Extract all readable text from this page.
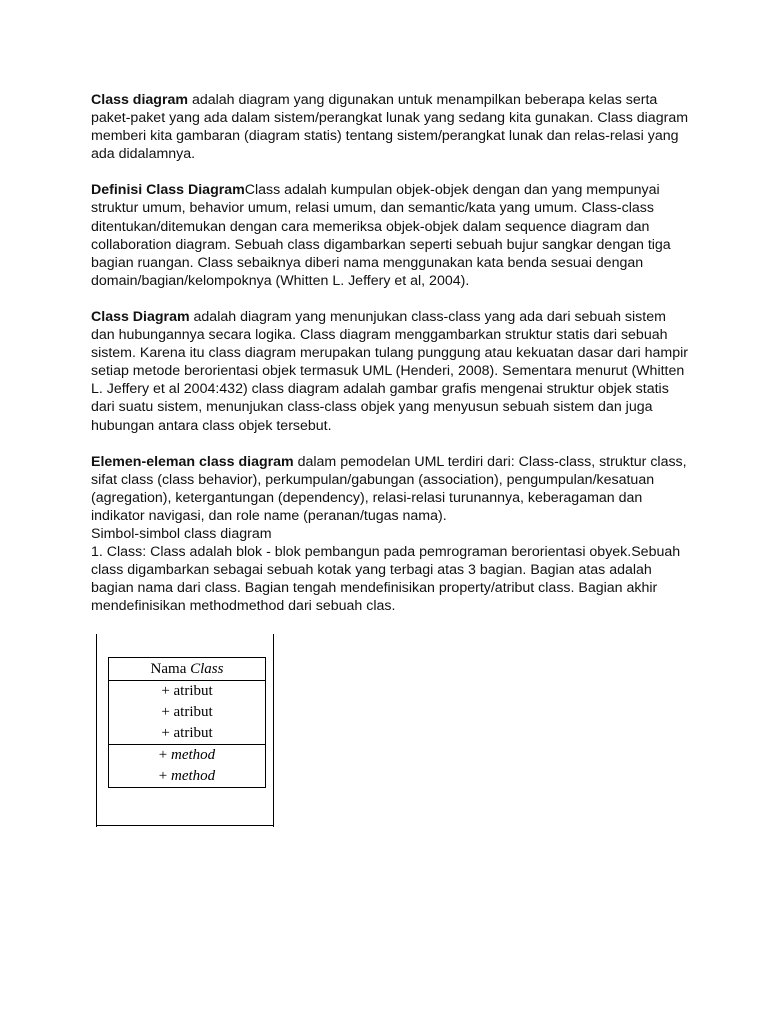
Class diagram adalah diagram yang digunakan untuk menampilkan beberapa kelas serta paket-paket yang ada dalam sistem/perangkat lunak yang sedang kita gunakan. Class diagram memberi kita gambaran (diagram statis) tentang sistem/perangkat lunak dan relas-relasi yang ada didalamnya.

Definisi Class DiagramClass adalah kumpulan objek-objek dengan dan yang mempunyai struktur umum, behavior umum, relasi umum, dan semantic/kata yang umum. Class-class ditentukan/ditemukan dengan cara memeriksa objek-objek dalam sequence diagram dan collaboration diagram. Sebuah class digambarkan seperti sebuah bujur sangkar dengan tiga bagian ruangan. Class sebaiknya diberi nama menggunakan kata benda sesuai dengan domain/bagian/kelompoknya (Whitten L. Jeffery et al, 2004).

Class Diagram adalah diagram yang menunjukan class-class yang ada dari sebuah sistem dan hubungannya secara logika. Class diagram menggambarkan struktur statis dari sebuah sistem. Karena itu class diagram merupakan tulang punggung atau kekuatan dasar dari hampir setiap metode berorientasi objek termasuk UML (Henderi, 2008). Sementara menurut (Whitten L. Jeffery et al 2004:432) class diagram adalah gambar grafis mengenai struktur objek statis dari suatu sistem, menunjukan class-class objek yang menyusun sebuah sistem dan juga hubungan antara class objek tersebut.

Elemen-eleman class diagram dalam pemodelan UML terdiri dari: Class-class, struktur class, sifat class (class behavior), perkumpulan/gabungan (association), pengumpulan/kesatuan (agregation), ketergantungan (dependency), relasi-relasi turunannya, keberagaman dan indikator navigasi, dan role name (peranan/tugas nama).

Simbol-simbol class diagram
1. Class: Class adalah blok - blok pembangun pada pemrograman berorientasi obyek.Sebuah class digambarkan sebagai sebuah kotak yang terbagi atas 3 bagian. Bagian atas adalah bagian nama dari class. Bagian tengah mendefinisikan property/atribut class. Bagian akhir mendefinisikan methodmethod dari sebuah clas.
Nama Class
+ atribut
+ atribut
+ atribut
+ method
+ method
